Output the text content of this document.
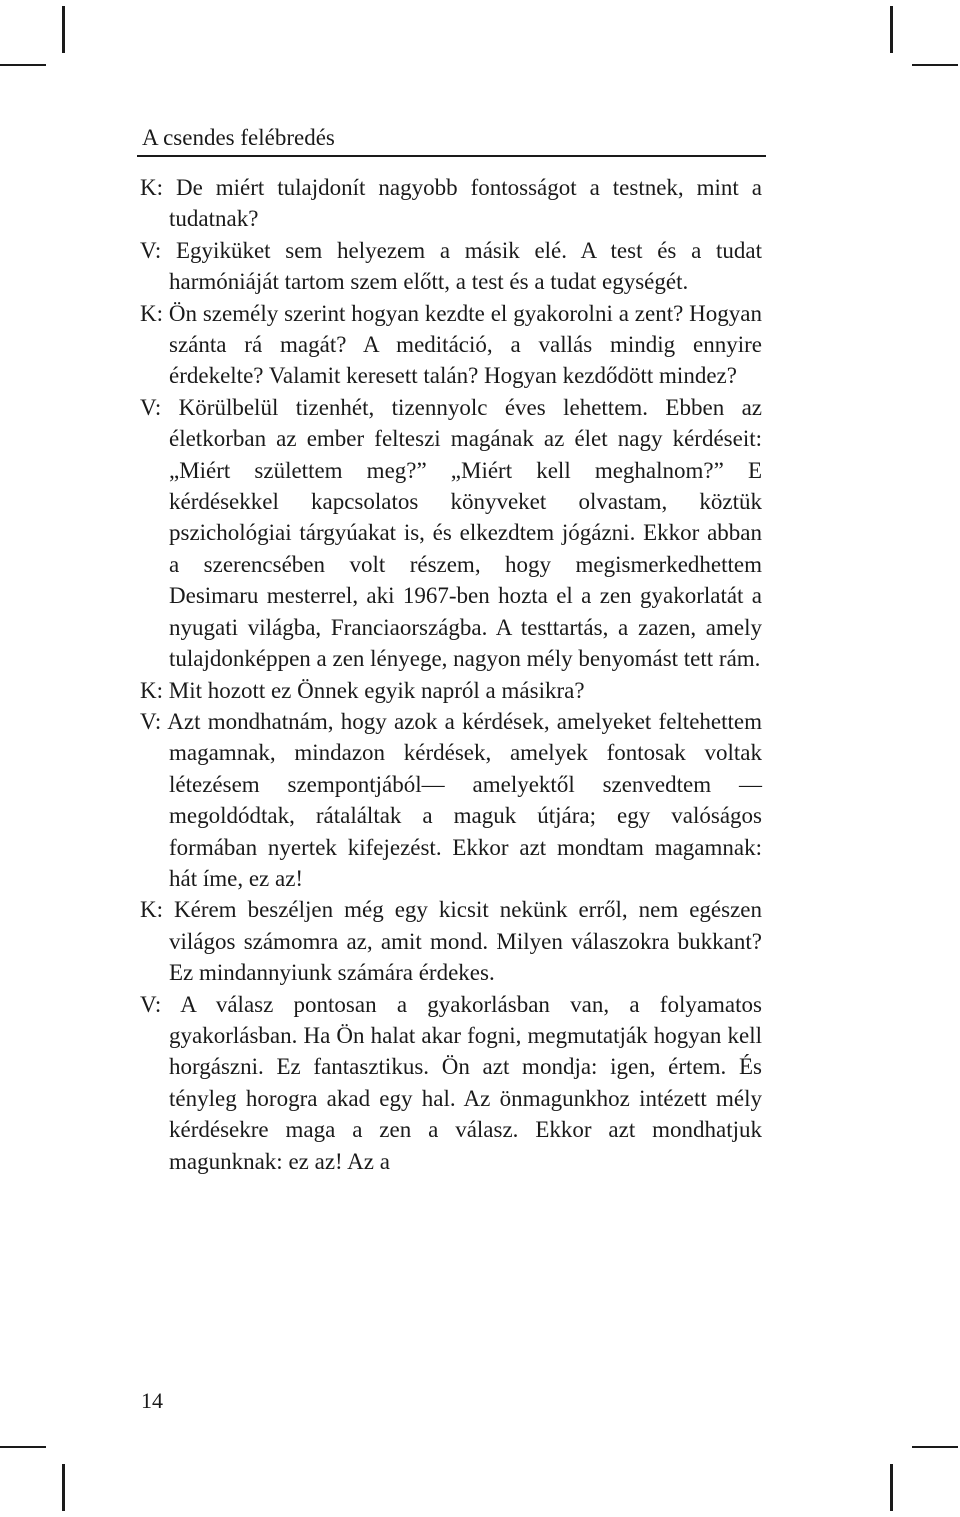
A csendes felébredés

K: De miért tulajdonít nagyobb fontosságot a testnek, mint a tudatnak?

V: Egyiküket sem helyezem a másik elé. A test és a tudat harmóniáját tartom szem előtt, a test és a tudat egységét.

K: Ön személy szerint hogyan kezdte el gyakorolni a zent? Hogyan szánta rá magát? A meditáció, a vallás mindig ennyire érdekelte? Valamit keresett talán? Hogyan kezdődött mindez?

V: Körülbelül tizenhét, tizennyolc éves lehettem. Ebben az életkorban az ember felteszi magának az élet nagy kérdéseit: „Miért születtem meg?” „Miért kell meghalnom?” E kérdésekkel kapcsolatos könyveket olvastam, köztük pszichológiai tárgyúakat is, és elkezdtem jógázni. Ekkor abban a szerencsében volt részem, hogy megismerkedhettem Desimaru mesterrel, aki 1967-ben hozta el a zen gyakorlatát a nyugati világba, Franciaországba. A testtartás, a zazen, amely tulajdonképpen a zen lényege, nagyon mély benyomást tett rám.

K: Mit hozott ez Önnek egyik napról a másikra?

V: Azt mondhatnám, hogy azok a kérdések, amelyeket feltehettem magamnak, mindazon kérdések, amelyek fontosak voltak létezésem szempontjából— amelyektől szenvedtem — megoldódtak, rátaláltak a maguk útjára; egy valóságos formában nyertek kifejezést. Ekkor azt mondtam magamnak: hát íme, ez az!

K: Kérem beszéljen még egy kicsit nekünk erről, nem egészen világos számomra az, amit mond. Milyen válaszokra bukkant? Ez mindannyiunk számára érdekes.

V: A válasz pontosan a gyakorlásban van, a folyamatos gyakorlásban. Ha Ön halat akar fogni, megmutatják hogyan kell horgászni. Ez fantasztikus. Ön azt mondja: igen, értem. És tényleg horogra akad egy hal. Az önmagunkhoz intézett mély kérdésekre maga a zen a válasz. Ekkor azt mondhatjuk magunknak: ez az! Az a

14
